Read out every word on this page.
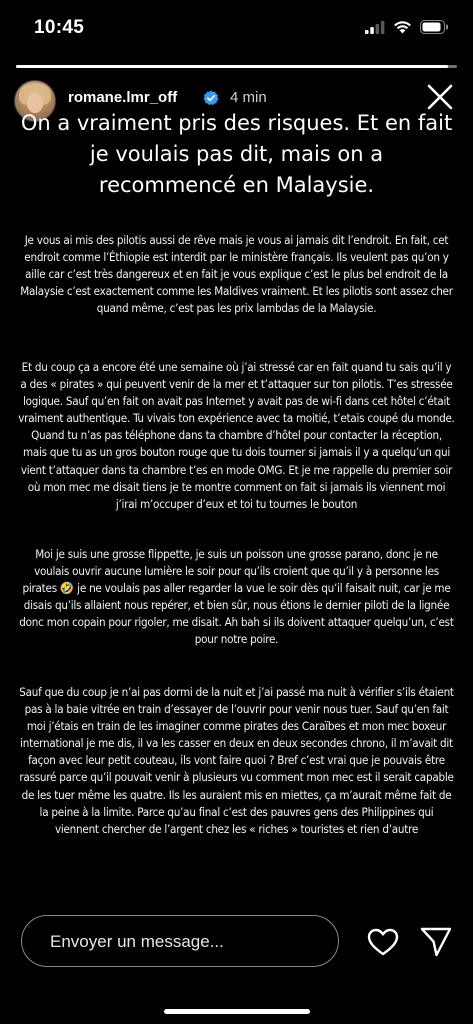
10:45
romane.lmr_off	4 min
On a vraiment pris des risques. Et en fait je voulais pas dit, mais on a recommencé en Malaysie.
Je vous ai mis des pilotis aussi de rêve mais je vous ai jamais dit l’endroit. En fait, cet endroit comme l’Éthiopie est interdit par le ministère français. Ils veulent pas qu’on y aille car c’est très dangereux et en fait je vous explique c’est le plus bel endroit de la Malaysie c’est exactement comme les Maldives vraiment. Et les pilotis sont assez cher quand même, c’est pas les prix lambdas de la Malaysie.
Et du coup ça a encore été une semaine où j’ai stressé car en fait quand tu sais qu’il y a des « pirates » qui peuvent venir de la mer et t’attaquer sur ton pilotis. T’es stressée logique. Sauf qu’en fait on avait pas Internet y avait pas de wi-fi dans cet hôtel c’était vraiment authentique. Tu vivais ton expérience avec ta moitié, t’etais coupé du monde. Quand tu n’as pas téléphone dans ta chambre d’hôtel pour contacter la réception, mais que tu as un gros bouton rouge que tu dois tourner si jamais il y a quelqu’un qui vient t’attaquer dans ta chambre t’es en mode OMG. Et je me rappelle du premier soir où mon mec me disait tiens je te montre comment on fait si jamais ils viennent moi j’irai m’occuper d’eux et toi tu tournes le bouton
Moi je suis une grosse flippette, je suis un poisson une grosse parano, donc je ne voulais ouvrir aucune lumière le soir pour qu’ils croient que qu’il y à personne les pirates 🤣 je ne voulais pas aller regarder la vue le soir dès qu’il faisait nuit, car je me disais qu’ils allaient nous repérer, et bien sûr, nous étions le dernier piloti de la lignée donc mon copain pour rigoler, me disait. Ah bah si ils doivent attaquer quelqu’un, c’est pour notre poire.
Sauf que du coup je n’ai pas dormi de la nuit et j’ai passé ma nuit à vérifier s’ils étaient pas à la baie vitrée en train d’essayer de l’ouvrir pour venir nous tuer. Sauf qu’en fait moi j’étais en train de les imaginer comme pirates des Caraïbes et mon mec boxeur international je me dis, il va les casser en deux en deux secondes chrono, il m’avait dit façon avec leur petit couteau, ils vont faire quoi ? Bref c’est vrai que je pouvais être rassuré parce qu’il pouvait venir à plusieurs vu comment mon mec est il serait capable de les tuer même les quatre. Ils les auraient mis en miettes, ça m’aurait même fait de la peine à la limite. Parce qu’au final c’est des pauvres gens des Philippines qui viennent chercher de l’argent chez les « riches » touristes et rien d’autre
Envoyer un message...
